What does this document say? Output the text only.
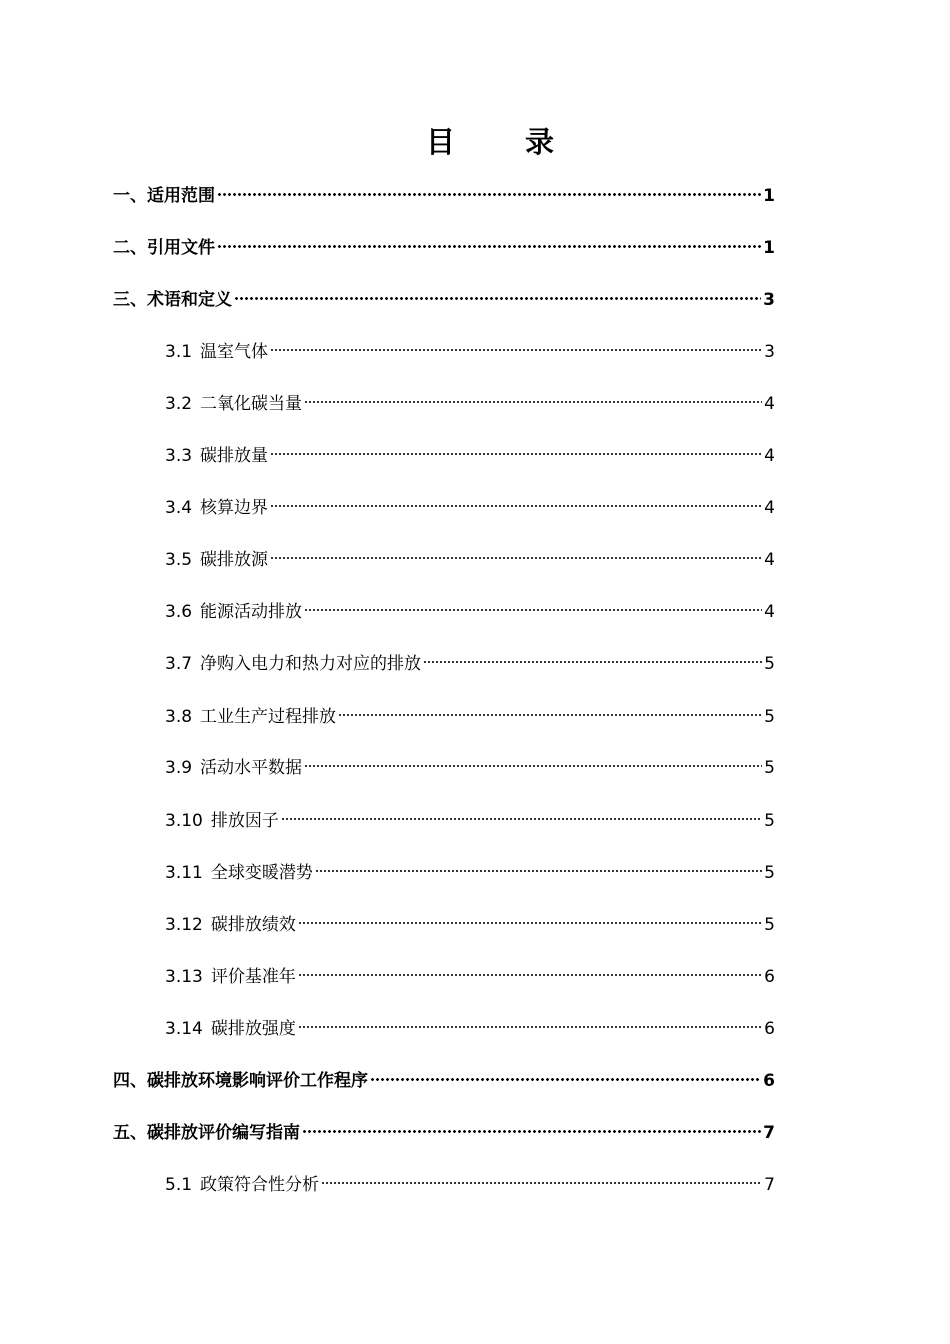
目 录
一、 适用范围	1
二、 引用文件	1
三、 术语和定义	3
3.1 温室气体	3
3.2 二氧化碳当量	4
3.3 碳排放量	4
3.4 核算边界	4
3.5 碳排放源	4
3.6 能源活动排放	4
3.7 净购入电力和热力对应的排放	5
3.8 工业生产过程排放	5
3.9 活动水平数据	5
3.10 排放因子	5
3.11 全球变暖潜势	5
3.12 碳排放绩效	5
3.13 评价基准年	6
3.14 碳排放强度	6
四、 碳排放环境影响评价工作程序	6
五、 碳排放评价编写指南	7
5.1 政策符合性分析	7
